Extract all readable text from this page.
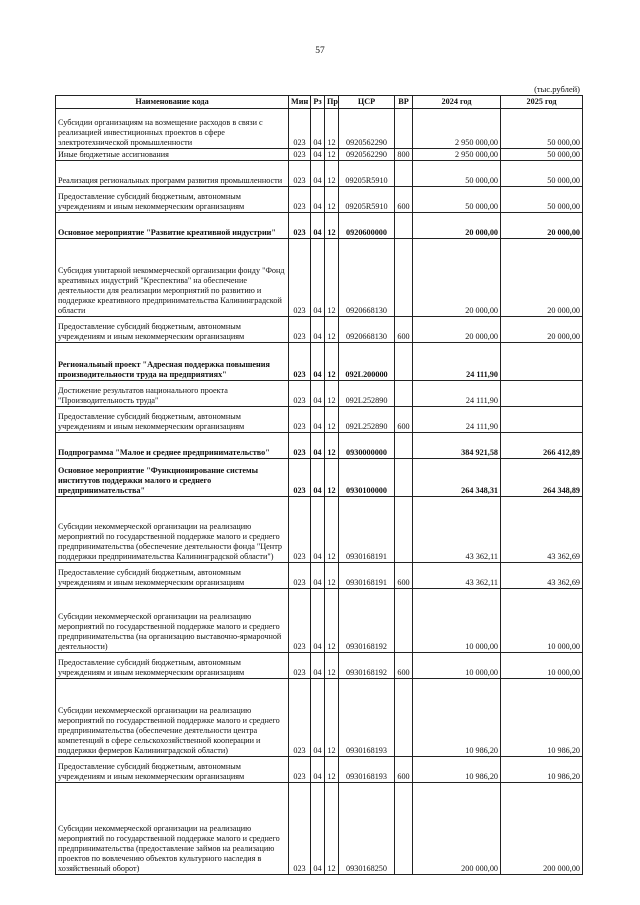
57
(тыс.рублей)
Наименование кода	Мин	Рз	Пр	ЦСР	ВР	2024 год	2025 год
Субсидии организациям на возмещение расходов в связи с реализацией инвестиционных проектов в сфере электротехнической промышленности	023	04	12	0920562290		2 950 000,00	50 000,00
Иные бюджетные ассигнования	023	04	12	0920562290	800	2 950 000,00	50 000,00
Реализация региональных программ развития промышленности	023	04	12	09205R5910		50 000,00	50 000,00
Предоставление субсидий бюджетным, автономным учреждениям и иным некоммерческим организациям	023	04	12	09205R5910	600	50 000,00	50 000,00
Основное мероприятие "Развитие креативной индустрии"	023	04	12	0920600000		20 000,00	20 000,00
Субсидия унитарной некоммерческой организации фонду "Фонд креативных индустрий "Креспектива" на обеспечение деятельности для реализации мероприятий по развитию и поддержке креативного предпринимательства Калининградской области	023	04	12	0920668130		20 000,00	20 000,00
Предоставление субсидий бюджетным, автономным учреждениям и иным некоммерческим организациям	023	04	12	0920668130	600	20 000,00	20 000,00
Региональный проект "Адресная поддержка повышения производительности труда на предприятиях"	023	04	12	092L200000		24 111,90	
Достижение результатов национального проекта "Производительность труда"	023	04	12	092L252890		24 111,90	
Предоставление субсидий бюджетным, автономным учреждениям и иным некоммерческим организациям	023	04	12	092L252890	600	24 111,90	
Подпрограмма "Малое и среднее предпринимательство"	023	04	12	0930000000		384 921,58	266 412,89
Основное мероприятие "Функционирование системы институтов поддержки малого и среднего предпринимательства"	023	04	12	0930100000		264 348,31	264 348,89
Субсидии некоммерческой организации на реализацию мероприятий по государственной поддержке малого и среднего предпринимательства (обеспечение деятельности фонда "Центр поддержки предпринимательства Калининградской области")	023	04	12	0930168191		43 362,11	43 362,69
Предоставление субсидий бюджетным, автономным учреждениям и иным некоммерческим организациям	023	04	12	0930168191	600	43 362,11	43 362,69
Субсидии некоммерческой организации на реализацию мероприятий по государственной поддержке малого и среднего предпринимательства (на организацию выставочно-ярмарочной деятельности)	023	04	12	0930168192		10 000,00	10 000,00
Предоставление субсидий бюджетным, автономным учреждениям и иным некоммерческим организациям	023	04	12	0930168192	600	10 000,00	10 000,00
Субсидии некоммерческой организации на реализацию мероприятий по государственной поддержке малого и среднего предпринимательства (обеспечение деятельности центра компетенций в сфере сельскохозяйственной кооперации и поддержки фермеров Калининградской области)	023	04	12	0930168193		10 986,20	10 986,20
Предоставление субсидий бюджетным, автономным учреждениям и иным некоммерческим организациям	023	04	12	0930168193	600	10 986,20	10 986,20
Субсидии некоммерческой организации на реализацию мероприятий по государственной поддержке малого и среднего предпринимательства (предоставление займов на реализацию проектов по вовлечению объектов культурного наследия в хозяйственный оборот)	023	04	12	0930168250		200 000,00	200 000,00
